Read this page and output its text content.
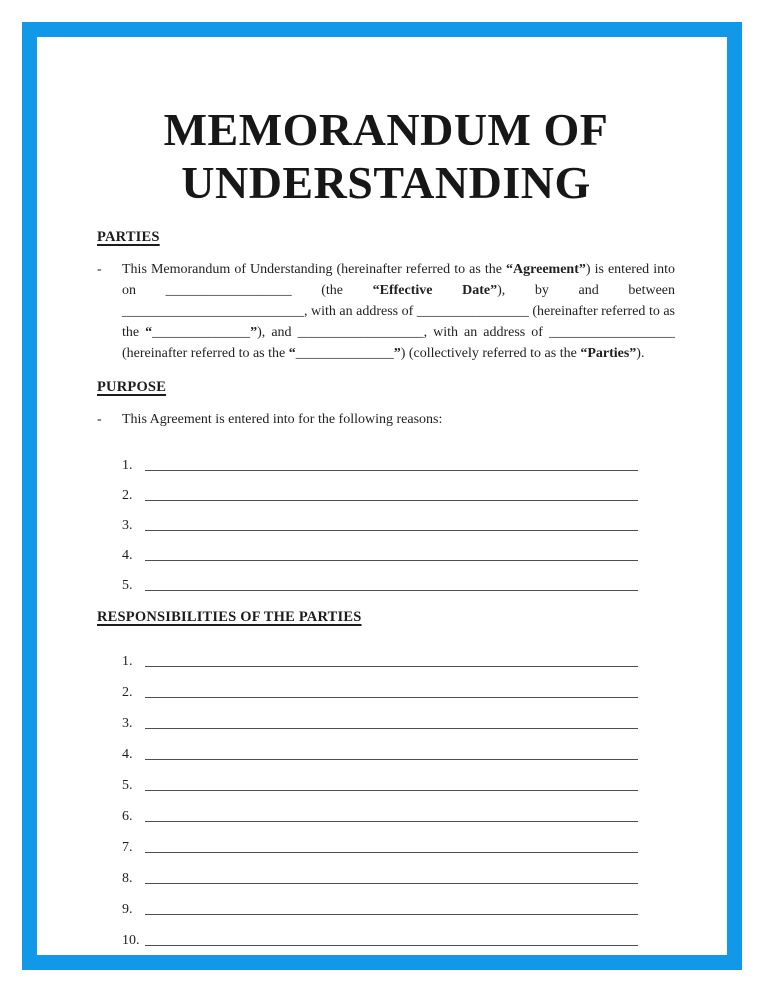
MEMORANDUM OF
UNDERSTANDING
PARTIES
-	This Memorandum of Understanding (hereinafter referred to as the “Agreement”) is entered into on __________________ (the “Effective Date”), by and between __________________________, with an address of ________________ (hereinafter referred to as the “______________”), and __________________, with an address of __________________ (hereinafter referred to as the “______________”) (collectively referred to as the “Parties”).

PURPOSE
-	This Agreement is entered into for the following reasons:

1.
2.
3.
4.
5.
RESPONSIBILITIES OF THE PARTIES
1.
2.
3.
4.
5.
6.
7.
8.
9.
10.
